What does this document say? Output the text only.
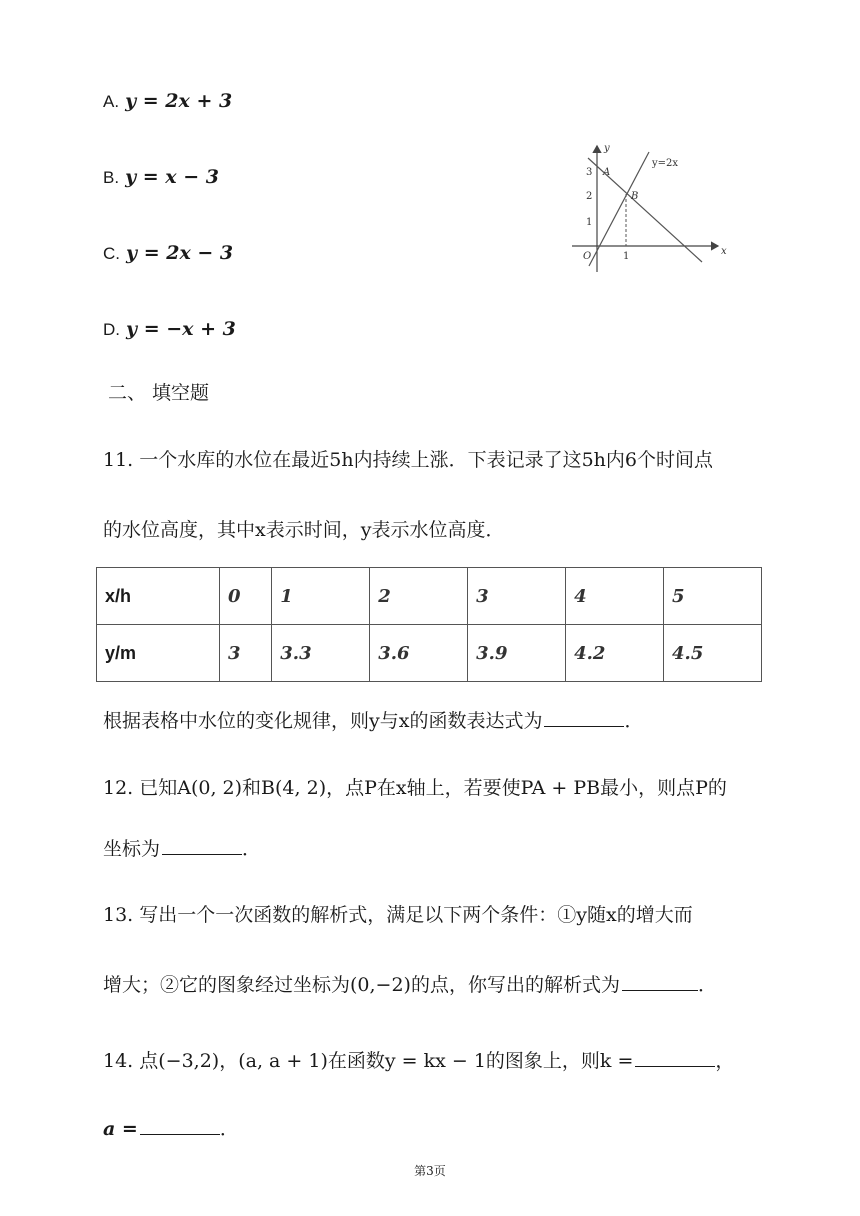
A. y = 2x + 3
B. y = x − 3
C. y = 2x − 3
D. y = −x + 3
y
x
O
3
2
1
1
A
B
y=2x
二、 填空题
11. 一个水库的水位在最近5h内持续上涨．下表记录了这5h内6个时间点
的水位高度，其中x表示时间，y表示水位高度．
x/h	0	1	2	3	4	5
y/m	3	3.3	3.6	3.9	4.2	4.5
根据表格中水位的变化规律，则y与x的函数表达式为	．
12. 已知A(0, 2)和B(4, 2)，点P在x轴上，若要使PA + PB最小，则点P的
坐标为	．
13. 写出一个一次函数的解析式，满足以下两个条件：①y随x的增大而
增大；②它的图象经过坐标为(0,−2)的点，你写出的解析式为	．
14. 点(−3,2)，(a, a + 1)在函数y = kx − 1的图象上，则k =	，
a =	．
第3页
